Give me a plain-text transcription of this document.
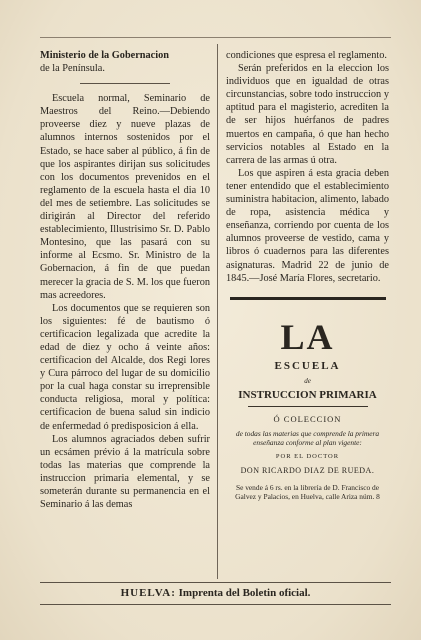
Ministerio de la Gobernacion

de la Península.

Escuela normal, Seminario de Maestros del Reino.—Debiendo proveerse diez y nueve plazas de alumnos internos sostenidos por el Estado, se hace saber al público, á fin de que los aspirantes dirijan sus solicitudes con los documentos prevenidos en el reglamento de la escuela hasta el dia 10 del mes de setiembre. Las solicitudes se dirigirán al Director del referido establecimiento, Illustrisimo Sr. D. Pablo Montesino, que las pasará con su informe al Ecsmo. Sr. Ministro de la Gobernacion, á fin de que puedan merecer la gracia de S. M. los que fueron mas acreedores.

Los documentos que se requieren son los siguientes: fé de bautismo ó certificacion legalizada que acredite la edad de diez y ocho á veinte años: certificacion del Alcalde, dos Regi lores y Cura párroco del lugar de su domicilio por la cual haga constar su irreprensible conducta religiosa, moral y política: certificacion de buena salud sin indicio de enfermedad ó predisposicion á ella.

Los alumnos agraciados deben sufrir un ecsámen prévio á la matrícula sobre todas las materias que comprende la instruccion primaria elemental, y se someterán durante su permanencia en el Seminario á las demas

condiciones que espresa el reglamento.

Serán preferidos en la eleccion los individuos que en igualdad de otras circunstancias, sobre todo instruccion y aptitud para el magisterio, acrediten la de ser hijos huérfanos de padres muertos en campaña, ó que han hecho servicios notables al Estado en la carrera de las armas ú otra.

Los que aspiren á esta gracia deben tener entendido que el establecimiento suministra habitacion, alimento, labado de ropa, asistencia médica y enseñanza, corriendo por cuenta de los alumnos proveerse de vestido, cama y libros ó cuadernos para las diferentes asignaturas. Madrid 22 de junio de 1845.—José María Flores, secretario.

LA
ESCUELA
de
INSTRUCCION PRIMARIA
Ó COLECCION
de todas las materias que comprende la primera enseñanza conforme al plan vigente:
POR EL DOCTOR
DON RICARDO DIAZ DE RUEDA.
Se vende á 6 rs. en la librería de D. Francisco de Galvez y Palacios, en Huelva, calle Ariza núm. 8
HUELVA: Imprenta del Boletin oficial.
